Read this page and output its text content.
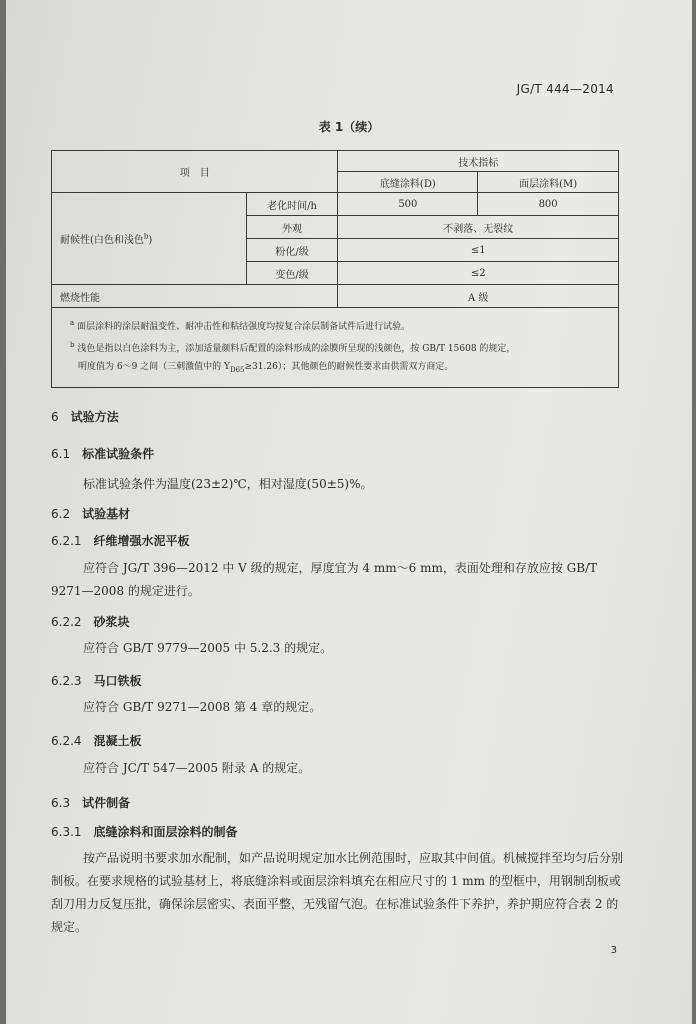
JG/T 444—2014
表 1（续）
项　目		技术指标	
		底缝涂料(D)	面层涂料(M)
耐候性(白色和浅色$^b$)	老化时间/h	500	800
	外观	不剥落、无裂纹	
	粉化/级	≤1	
	变色/级	≤2	
燃烧性能		A 级	

$^a$ 面层涂料的涂层耐温变性、耐冲击性和粘结强度均按复合涂层制备试件后进行试验。
$^b$ 浅色是指以白色涂料为主，添加适量颜料后配置的涂料形成的涂膜所呈现的浅颜色，按 GB/T 15608 的规定，
明度值为 6～9 之间（三刺激值中的 $Y_{D65}\ge 31.26$）；其他颜色的耐候性要求由供需双方商定。			
6 试验方法
6.1 标准试验条件
标准试验条件为温度(23±2)℃，相对湿度(50±5)%。
6.2 试验基材
6.2.1 纤维增强水泥平板
应符合 JG/T 396—2012 中 V 级的规定，厚度宜为 4 mm～6 mm，表面处理和存放应按 GB/T 9271—2008 的规定进行。
6.2.2 砂浆块
应符合 GB/T 9779—2005 中 5.2.3 的规定。
6.2.3 马口铁板
应符合 GB/T 9271—2008 第 4 章的规定。
6.2.4 混凝土板
应符合 JC/T 547—2005 附录 A 的规定。
6.3 试件制备
6.3.1 底缝涂料和面层涂料的制备
按产品说明书要求加水配制，如产品说明规定加水比例范围时，应取其中间值。机械搅拌至均匀后分别制板。在要求规格的试验基材上，将底缝涂料或面层涂料填充在相应尺寸的 1 mm 的型框中，用钢制刮板或刮刀用力反复压批，确保涂层密实、表面平整，无残留气泡。在标准试验条件下养护，养护期应符合表 2 的规定。
3
